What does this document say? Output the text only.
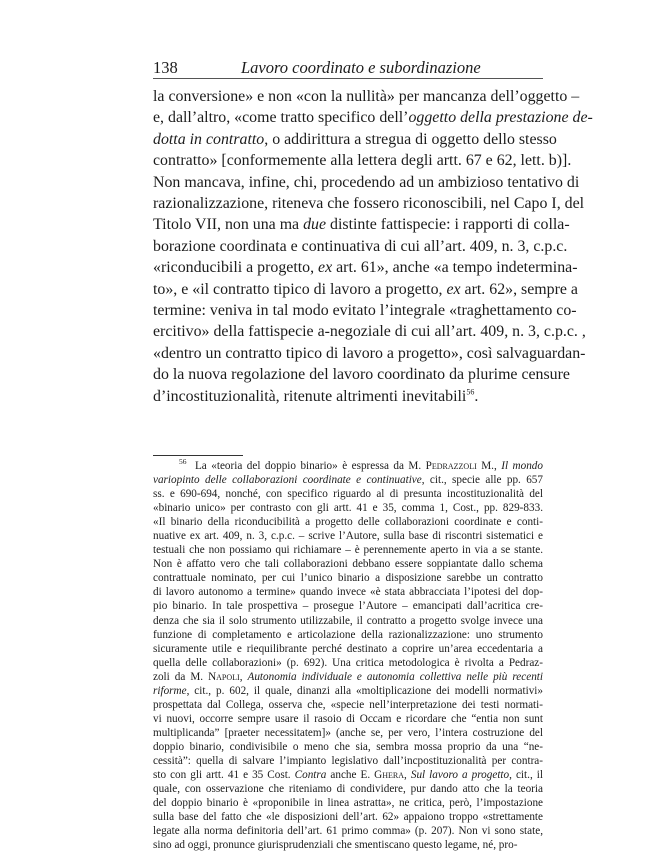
138	Lavoro coordinato e subordinazione

la conversione» e non «con la nullità» per mancanza dell’oggetto –
e, dall’altro, «come tratto specifico dell’oggetto della prestazione de-
dotta in contratto, o addirittura a stregua di oggetto dello stesso
contratto» [conformemente alla lettera degli artt. 67 e 62, lett. b)].
Non mancava, infine, chi, procedendo ad un ambizioso tentativo di
razionalizzazione, riteneva che fossero riconoscibili, nel Capo I, del
Titolo VII, non una ma due distinte fattispecie: i rapporti di colla-
borazione coordinata e continuativa di cui all’art. 409, n. 3, c.p.c.
«riconducibili a progetto, ex art. 61», anche «a tempo indetermina-
to», e «il contratto tipico di lavoro a progetto, ex art. 62», sempre a
termine: veniva in tal modo evitato l’integrale «traghettamento co-
ercitivo» della fattispecie a-negoziale di cui all’art. 409, n. 3, c.p.c. ,
«dentro un contratto tipico di lavoro a progetto», così salvaguardan-
do la nuova regolazione del lavoro coordinato da plurime censure
d’incostituzionalità, ritenute altrimenti inevitabili$^{56}$.

$^{56}$ La «teoria del doppio binario» è espressa da M. Pedrazzoli M., Il mondo
variopinto delle collaborazioni coordinate e continuative, cit., specie alle pp. 657
ss. e 690-694, nonché, con specifico riguardo al di presunta incostituzionalità del
«binario unico» per contrasto con gli artt. 41 e 35, comma 1, Cost., pp. 829-833.
«Il binario della riconducibilità a progetto delle collaborazioni coordinate e conti-
nuative ex art. 409, n. 3, c.p.c. – scrive l’Autore, sulla base di riscontri sistematici e
testuali che non possiamo qui richiamare – è perennemente aperto in via a se stante.
Non è affatto vero che tali collaborazioni debbano essere soppiantate dallo schema
contrattuale nominato, per cui l’unico binario a disposizione sarebbe un contratto
di lavoro autonomo a termine» quando invece «è stata abbracciata l’ipotesi del dop-
pio binario. In tale prospettiva – prosegue l’Autore – emancipati dall’acritica cre-
denza che sia il solo strumento utilizzabile, il contratto a progetto svolge invece una
funzione di completamento e articolazione della razionalizzazione: uno strumento
sicuramente utile e riequilibrante perché destinato a coprire un’area eccedentaria a
quella delle collaborazioni» (p. 692). Una critica metodologica è rivolta a Pedraz-
zoli da M. Napoli, Autonomia individuale e autonomia collettiva nelle più recenti
riforme, cit., p. 602, il quale, dinanzi alla «moltiplicazione dei modelli normativi»
prospettata dal Collega, osserva che, «specie nell’interpretazione dei testi normati-
vi nuovi, occorre sempre usare il rasoio di Occam e ricordare che “entia non sunt
multiplicanda” [praeter necessitatem]» (anche se, per vero, l’intera costruzione del
doppio binario, condivisibile o meno che sia, sembra mossa proprio da una “ne-
cessità”: quella di salvare l’impianto legislativo dall’incpostituzionalità per contra-
sto con gli artt. 41 e 35 Cost. Contra anche E. Ghera, Sul lavoro a progetto, cit., il
quale, con osservazione che riteniamo di condividere, pur dando atto che la teoria
del doppio binario è «proponibile in linea astratta», ne critica, però, l’impostazione
sulla base del fatto che «le disposizioni dell’art. 62» appaiono troppo «strettamente
legate alla norma definitoria dell’art. 61 primo comma» (p. 207). Non vi sono state,
sino ad oggi, pronunce giurisprudenziali che smentiscano questo legame, né, pro-
